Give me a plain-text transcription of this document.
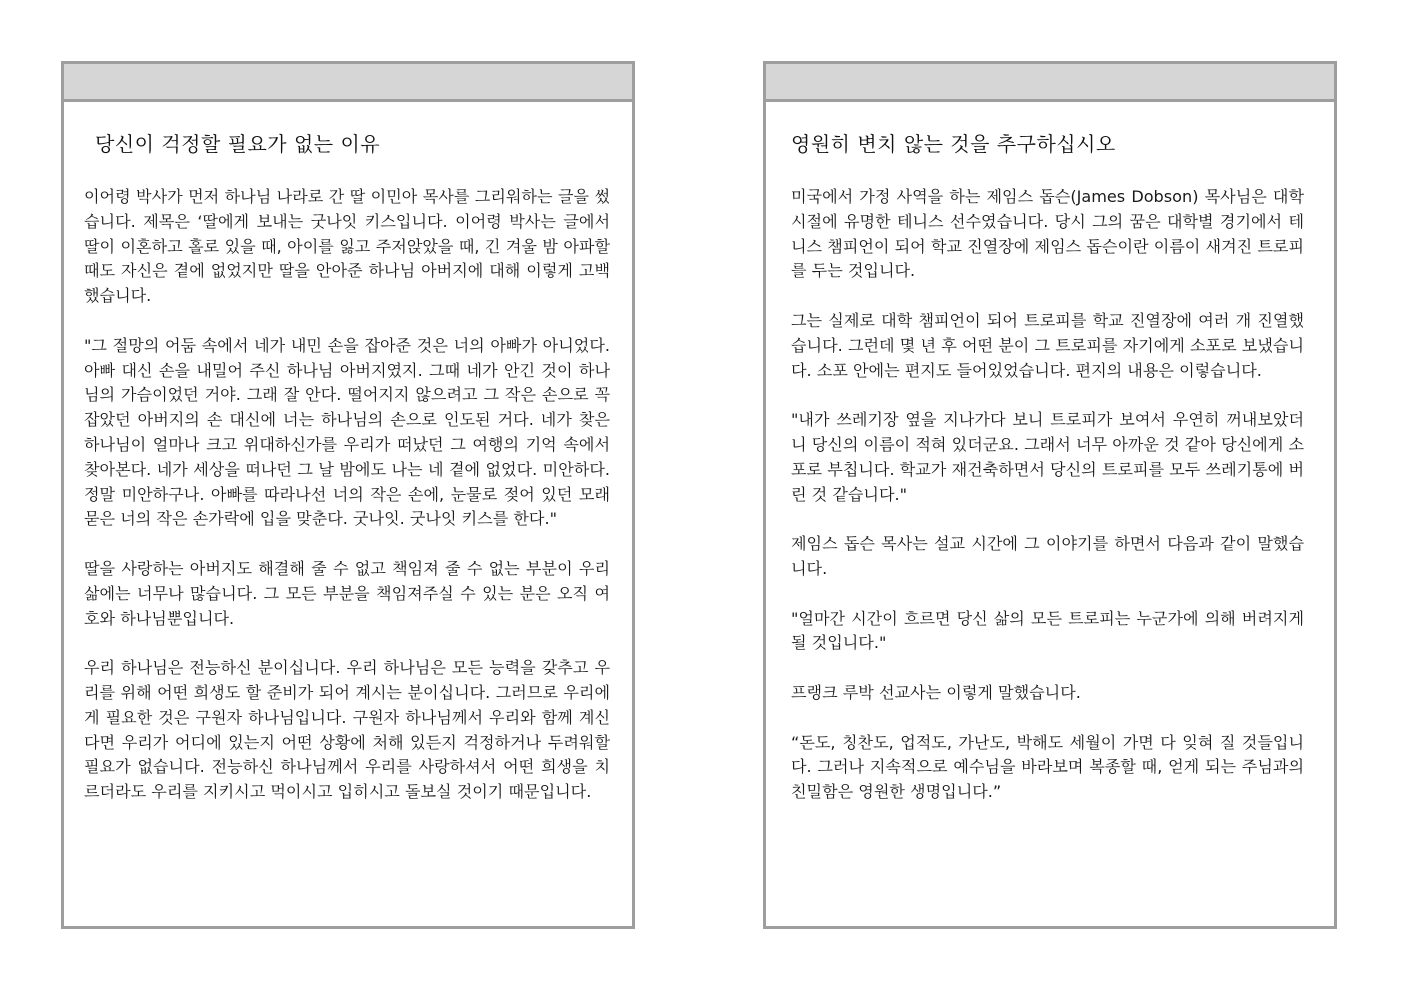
당신이 걱정할 필요가 없는 이유

이어령 박사가 먼저 하나님 나라로 간 딸 이민아 목사를 그리워하는 글을 썼습니다. 제목은 ‘딸에게 보내는 굿나잇 키스입니다. 이어령 박사는 글에서 딸이 이혼하고 홀로 있을 때, 아이를 잃고 주저앉았을 때, 긴 겨울 밤 아파할 때도 자신은 곁에 없었지만 딸을 안아준 하나님 아버지에 대해 이렇게 고백했습니다.

"그 절망의 어둠 속에서 네가 내민 손을 잡아준 것은 너의 아빠가 아니었다. 아빠 대신 손을 내밀어 주신 하나님 아버지였지. 그때 네가 안긴 것이 하나님의 가슴이었던 거야. 그래 잘 안다. 떨어지지 않으려고 그 작은 손으로 꼭 잡았던 아버지의 손 대신에 너는 하나님의 손으로 인도된 거다. 네가 찾은 하나님이 얼마나 크고 위대하신가를 우리가 떠났던 그 여행의 기억 속에서 찾아본다. 네가 세상을 떠나던 그 날 밤에도 나는 네 곁에 없었다. 미안하다. 정말 미안하구나. 아빠를 따라나선 너의 작은 손에, 눈물로 젖어 있던 모래 묻은 너의 작은 손가락에 입을 맞춘다. 굿나잇. 굿나잇 키스를 한다."

딸을 사랑하는 아버지도 해결해 줄 수 없고 책임져 줄 수 없는 부분이 우리 삶에는 너무나 많습니다. 그 모든 부분을 책임져주실 수 있는 분은 오직 여호와 하나님뿐입니다.

우리 하나님은 전능하신 분이십니다. 우리 하나님은 모든 능력을 갖추고 우리를 위해 어떤 희생도 할 준비가 되어 계시는 분이십니다. 그러므로 우리에게 필요한 것은 구원자 하나님입니다. 구원자 하나님께서 우리와 함께 계신다면 우리가 어디에 있는지 어떤 상황에 처해 있든지 걱정하거나 두려워할 필요가 없습니다. 전능하신 하나님께서 우리를 사랑하셔서 어떤 희생을 치르더라도 우리를 지키시고 먹이시고 입히시고 돌보실 것이기 때문입니다.

영원히 변치 않는 것을 추구하십시오

미국에서 가정 사역을 하는 제임스 돕슨(James Dobson) 목사님은 대학 시절에 유명한 테니스 선수였습니다. 당시 그의 꿈은 대학별 경기에서 테니스 챔피언이 되어 학교 진열장에 제임스 돕슨이란 이름이 새겨진 트로피를 두는 것입니다.

그는 실제로 대학 챔피언이 되어 트로피를 학교 진열장에 여러 개 진열했습니다. 그런데 몇 년 후 어떤 분이 그 트로피를 자기에게 소포로 보냈습니다. 소포 안에는 편지도 들어있었습니다. 편지의 내용은 이렇습니다.

"내가 쓰레기장 옆을 지나가다 보니 트로피가 보여서 우연히 꺼내보았더니 당신의 이름이 적혀 있더군요. 그래서 너무 아까운 것 같아 당신에게 소포로 부칩니다. 학교가 재건축하면서 당신의 트로피를 모두 쓰레기통에 버린 것 같습니다."

제임스 돕슨 목사는 설교 시간에 그 이야기를 하면서 다음과 같이 말했습니다.

"얼마간 시간이 흐르면 당신 삶의 모든 트로피는 누군가에 의해 버려지게 될 것입니다."

프랭크 루박 선교사는 이렇게 말했습니다.

“돈도, 칭찬도, 업적도, 가난도, 박해도 세월이 가면 다 잊혀 질 것들입니다. 그러나 지속적으로 예수님을 바라보며 복종할 때, 얻게 되는 주님과의 친밀함은 영원한 생명입니다.”
